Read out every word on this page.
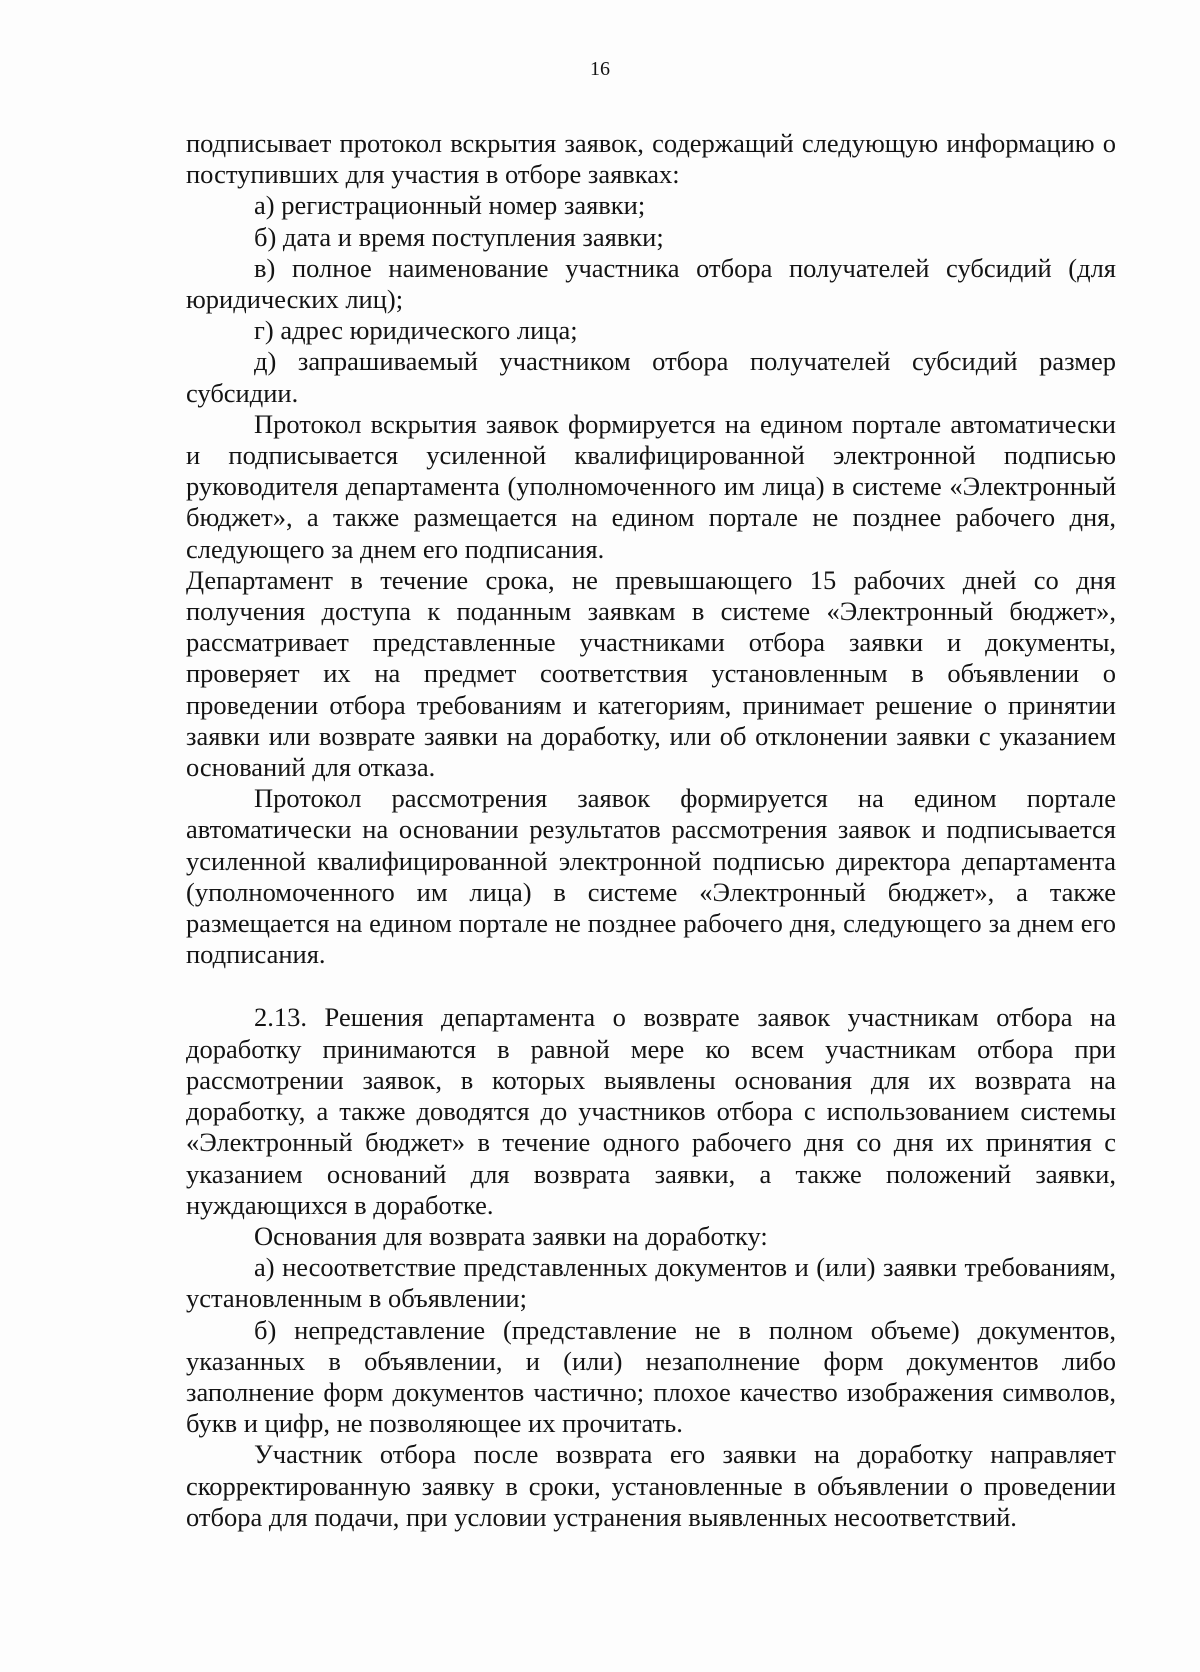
16

подписывает протокол вскрытия заявок, содержащий следующую информацию о поступивших для участия в отборе заявках:

а) регистрационный номер заявки;

б) дата и время поступления заявки;

в) полное наименование участника отбора получателей субсидий (для юридических лиц);

г) адрес юридического лица;

д) запрашиваемый участником отбора получателей субсидий размер субсидии.

Протокол вскрытия заявок формируется на едином портале автоматически и подписывается усиленной квалифицированной электронной подписью руководителя департамента (уполномоченного им лица) в системе «Электронный бюджет», а также размещается на едином портале не позднее рабочего дня, следующего за днем его подписания.

Департамент в течение срока, не превышающего 15 рабочих дней со дня получения доступа к поданным заявкам в системе «Электронный бюджет», рассматривает представленные участниками отбора заявки и документы, проверяет их на предмет соответствия установленным в объявлении о проведении отбора требованиям и категориям, принимает решение о принятии заявки или возврате заявки на доработку, или об отклонении заявки с указанием оснований для отказа.

Протокол рассмотрения заявок формируется на едином портале автоматически на основании результатов рассмотрения заявок и подписывается усиленной квалифицированной электронной подписью директора департамента (уполномоченного им лица) в системе «Электронный бюджет», а также размещается на едином портале не позднее рабочего дня, следующего за днем его подписания.

2.13. Решения департамента о возврате заявок участникам отбора на доработку принимаются в равной мере ко всем участникам отбора при рассмотрении заявок, в которых выявлены основания для их возврата на доработку, а также доводятся до участников отбора с использованием системы «Электронный бюджет» в течение одного рабочего дня со дня их принятия с указанием оснований для возврата заявки, а также положений заявки, нуждающихся в доработке.

Основания для возврата заявки на доработку:

а) несоответствие представленных документов и (или) заявки требованиям, установленным в объявлении;

б) непредставление (представление не в полном объеме) документов, указанных в объявлении, и (или) незаполнение форм документов либо заполнение форм документов частично; плохое качество изображения символов, букв и цифр, не позволяющее их прочитать.

Участник отбора после возврата его заявки на доработку направляет скорректированную заявку в сроки, установленные в объявлении о проведении отбора для подачи, при условии устранения выявленных несоответствий.
